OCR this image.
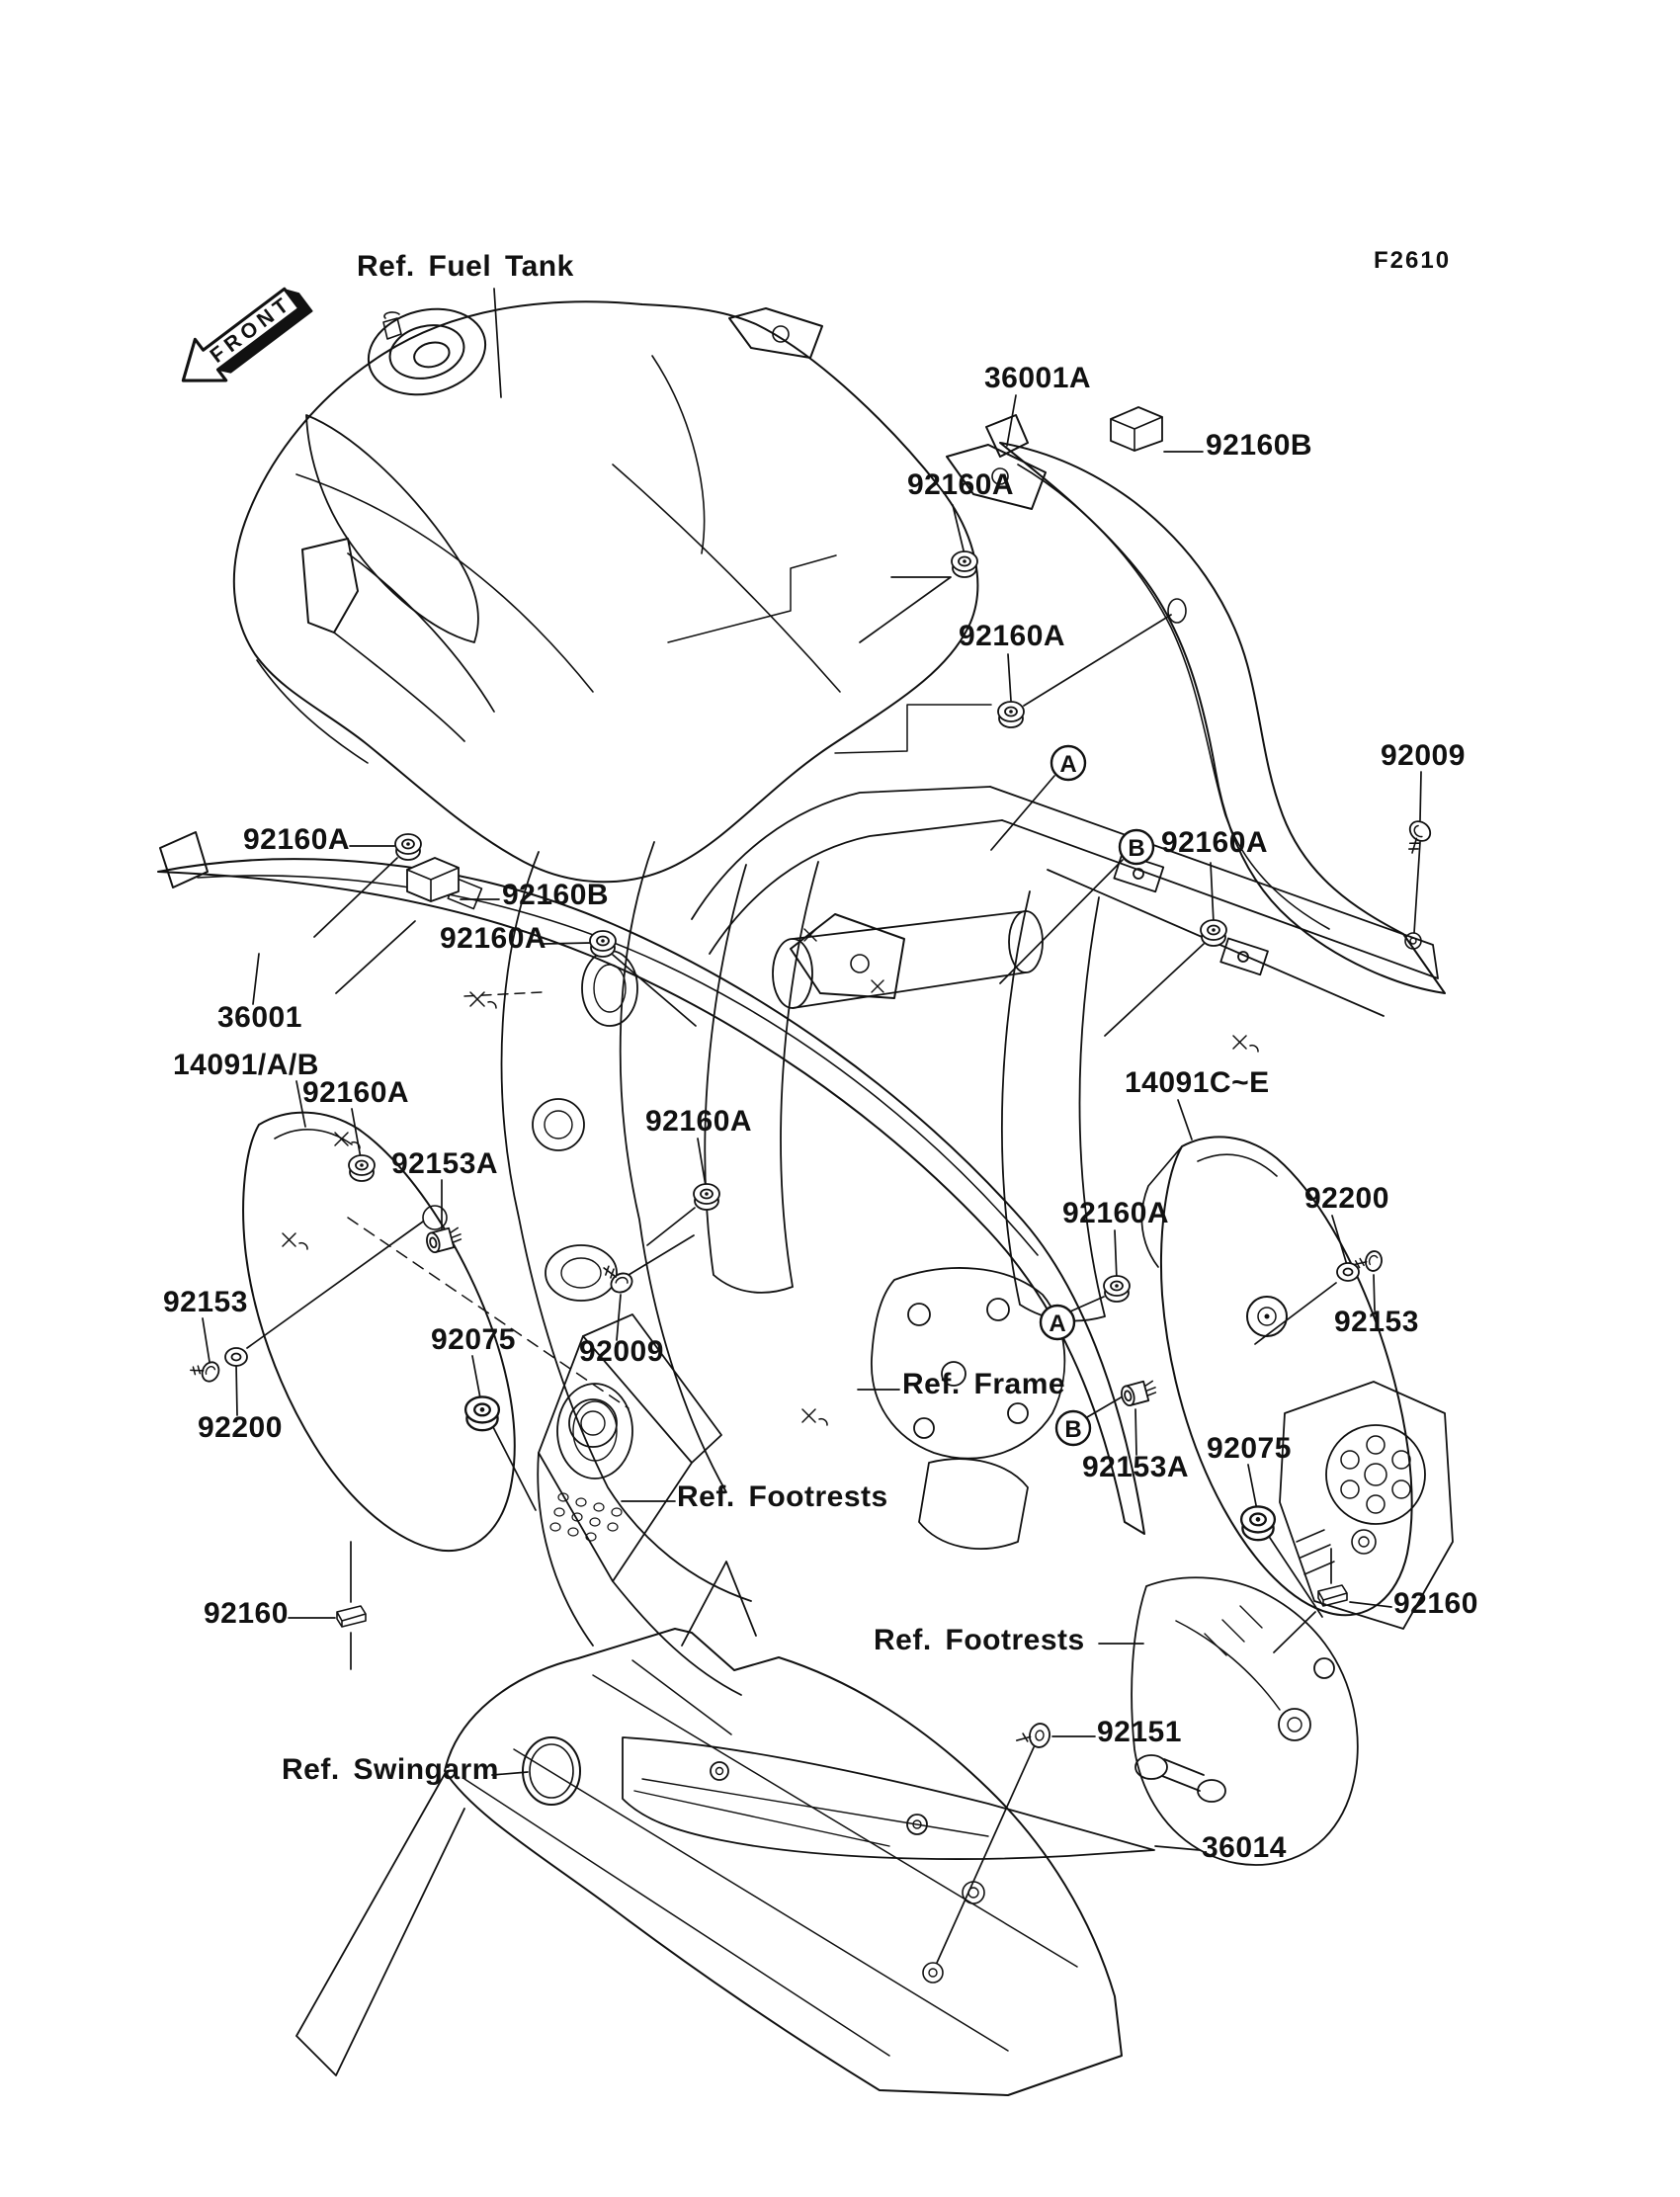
FRONT
A
B
A
B
Ref. Fuel Tank	F2610
36001A
92160B
92160A
92160A
92009
92160A
92160A
92160B
92160A
36001
14091/A/B
92160A
92153A
92153
92200
92075 92009
92160A
Ref. Frame
14091C~E
92160A	92200
92153
92153A
92075
92160
92160
Ref. Footrests
Ref. Footrests
92151
36014
Ref. Swingarm
